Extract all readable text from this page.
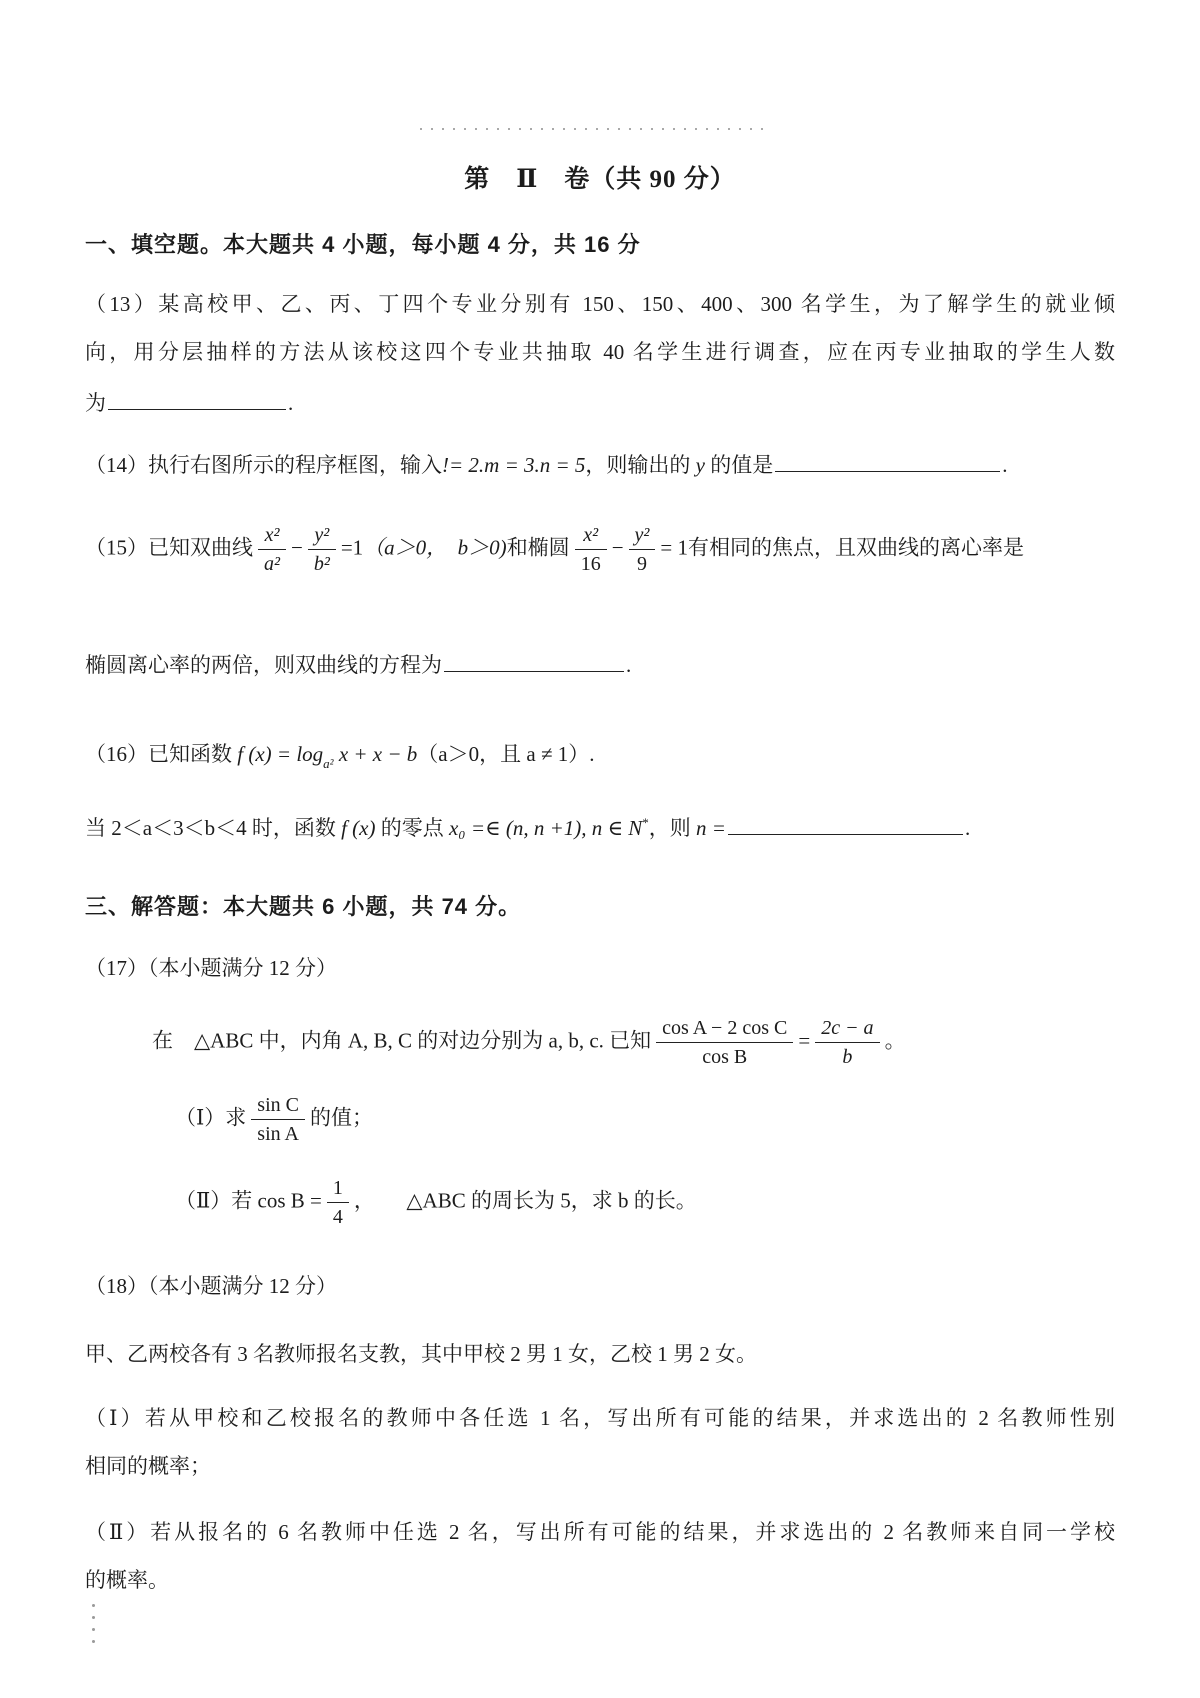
第　Ⅱ　卷（共 90 分）
一、填空题。本大题共 4 小题，每小题 4 分，共 16 分
（13）某高校甲、乙、丙、丁四个专业分别有 150、150、400、300 名学生，为了解学生的就业倾
向，用分层抽样的方法从该校这四个专业共抽取 40 名学生进行调查，应在丙专业抽取的学生人数
为	.
（14）执行右图所示的程序框图，输入!= 2.m = 3.n = 5，则输出的 y 的值是	.
（15）已知双曲线 $\frac{\text{x²}}{\text{a²}} - \frac{\text{y²}}{\text{b²}} =1(a>0$，　b＞0)和椭圆 $\frac{\text{x²}}{16} - \frac{\text{y²}}{9} = 1$有相同的焦点，且双曲线的离心率是
椭圆离心率的两倍，则双曲线的方程为	.
（16）已知函数 f $(x) = \log_{a^2} x + x - b(a>0$，且 a ≠ 1）.
当 2＜a＜3＜b＜4 时，函数 f (x) 的零点 x₀ =∈ (n, n +1), n ∈ N*，则 n =	.
三、解答题：本大题共 6 小题，共 74 分。
（17）（本小题满分 12 分）
在　△ABC 中，内角 A, B, C 的对边分别为 a, b, c. 已知 $\frac{\text{cos A − 2 cos C}}{\text{cos B}} = \frac{2c - a}{b}$ 。
（Ⅰ）求 $\frac{\text{sin C}}{\text{sin A}}$ 的值；
（Ⅱ）若 $\cos B = \frac{1}{4}$ ，　　△ABC 的周长为 5，求 b 的长。
（18）（本小题满分 12 分）
甲、乙两校各有 3 名教师报名支教，其中甲校 2 男 1 女，乙校 1 男 2 女。
（Ⅰ）若从甲校和乙校报名的教师中各任选 1 名，写出所有可能的结果，并求选出的 2 名教师性别
相同的概率；
（Ⅱ）若从报名的 6 名教师中任选 2 名，写出所有可能的结果，并求选出的 2 名教师来自同一学校
的概率。
